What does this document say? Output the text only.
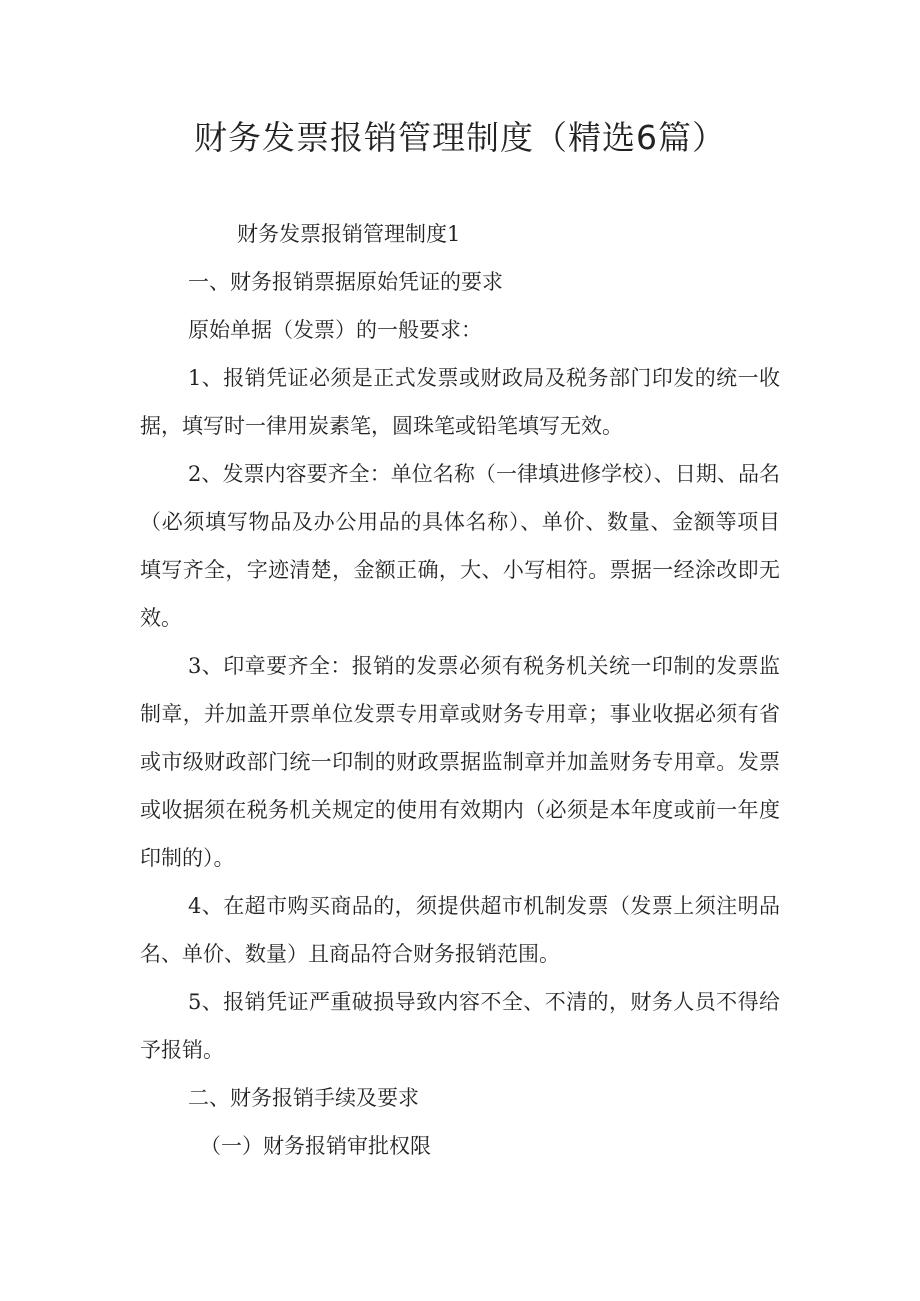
财务发票报销管理制度（精选6篇）

财务发票报销管理制度1

一、财务报销票据原始凭证的要求

原始单据（发票）的一般要求：

1、报销凭证必须是正式发票或财政局及税务部门印发的统一收据，填写时一律用炭素笔，圆珠笔或铅笔填写无效。

2、发票内容要齐全：单位名称（一律填进修学校）、日期、品名（必须填写物品及办公用品的具体名称）、单价、数量、金额等项目填写齐全，字迹清楚，金额正确，大、小写相符。票据一经涂改即无效。

3、印章要齐全：报销的发票必须有税务机关统一印制的发票监制章，并加盖开票单位发票专用章或财务专用章；事业收据必须有省或市级财政部门统一印制的财政票据监制章并加盖财务专用章。发票或收据须在税务机关规定的使用有效期内（必须是本年度或前一年度印制的）。

4、在超市购买商品的，须提供超市机制发票（发票上须注明品名、单价、数量）且商品符合财务报销范围。

5、报销凭证严重破损导致内容不全、不清的，财务人员不得给予报销。

二、财务报销手续及要求

（一）财务报销审批权限
